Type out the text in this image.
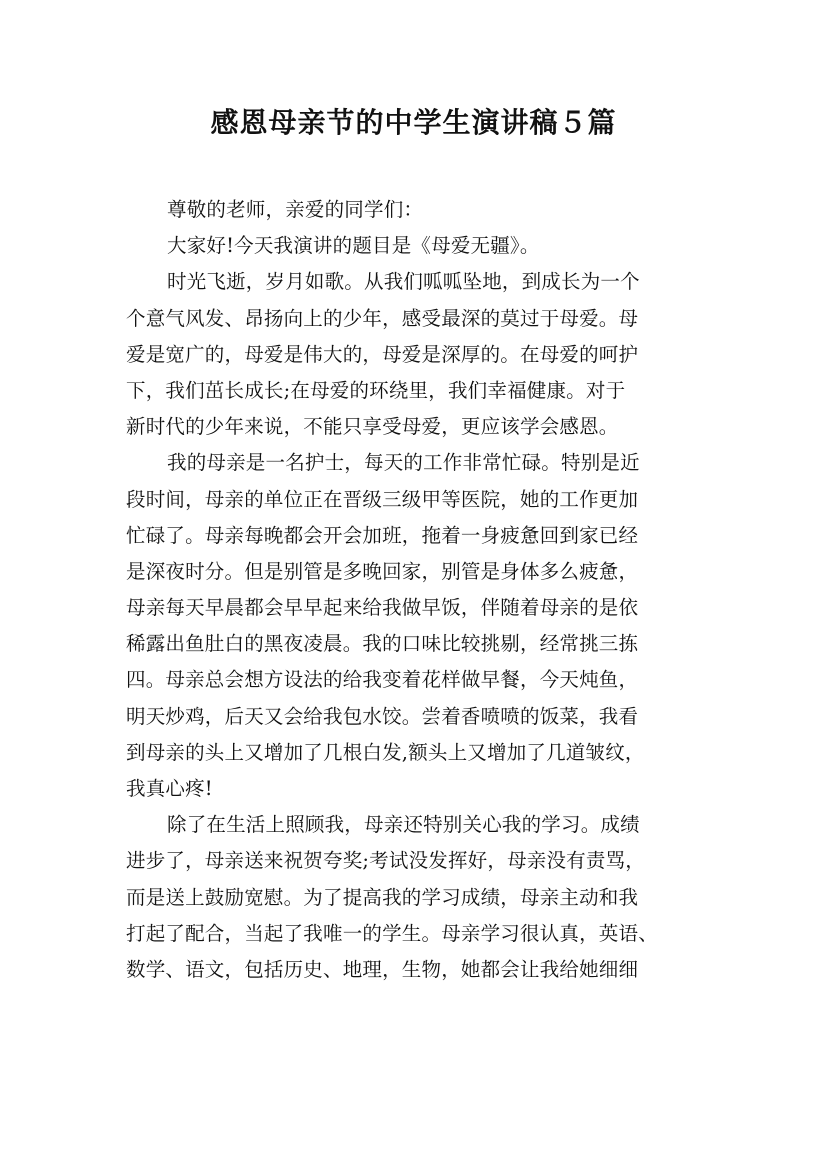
感恩母亲节的中学生演讲稿５篇
尊敬的老师，亲爱的同学们：
大家好!今天我演讲的题目是《母爱无疆》。
时光飞逝，岁月如歌。从我们呱呱坠地，到成长为一个
个意气风发、昂扬向上的少年，感受最深的莫过于母爱。母
爱是宽广的，母爱是伟大的，母爱是深厚的。在母爱的呵护
下，我们茁长成长;在母爱的环绕里，我们幸福健康。对于
新时代的少年来说，不能只享受母爱，更应该学会感恩。
我的母亲是一名护士，每天的工作非常忙碌。特别是近
段时间，母亲的单位正在晋级三级甲等医院，她的工作更加
忙碌了。母亲每晚都会开会加班，拖着一身疲惫回到家已经
是深夜时分。但是别管是多晚回家，别管是身体多么疲惫，
母亲每天早晨都会早早起来给我做早饭，伴随着母亲的是依
稀露出鱼肚白的黑夜凌晨。我的口味比较挑剔，经常挑三拣
四。母亲总会想方设法的给我变着花样做早餐，今天炖鱼，
明天炒鸡，后天又会给我包水饺。尝着香喷喷的饭菜，我看
到母亲的头上又增加了几根白发,额头上又增加了几道皱纹，
我真心疼!
除了在生活上照顾我，母亲还特别关心我的学习。成绩
进步了，母亲送来祝贺夸奖;考试没发挥好，母亲没有责骂，
而是送上鼓励宽慰。为了提高我的学习成绩，母亲主动和我
打起了配合，当起了我唯一的学生。母亲学习很认真，英语、
数学、语文，包括历史、地理，生物，她都会让我给她细细
